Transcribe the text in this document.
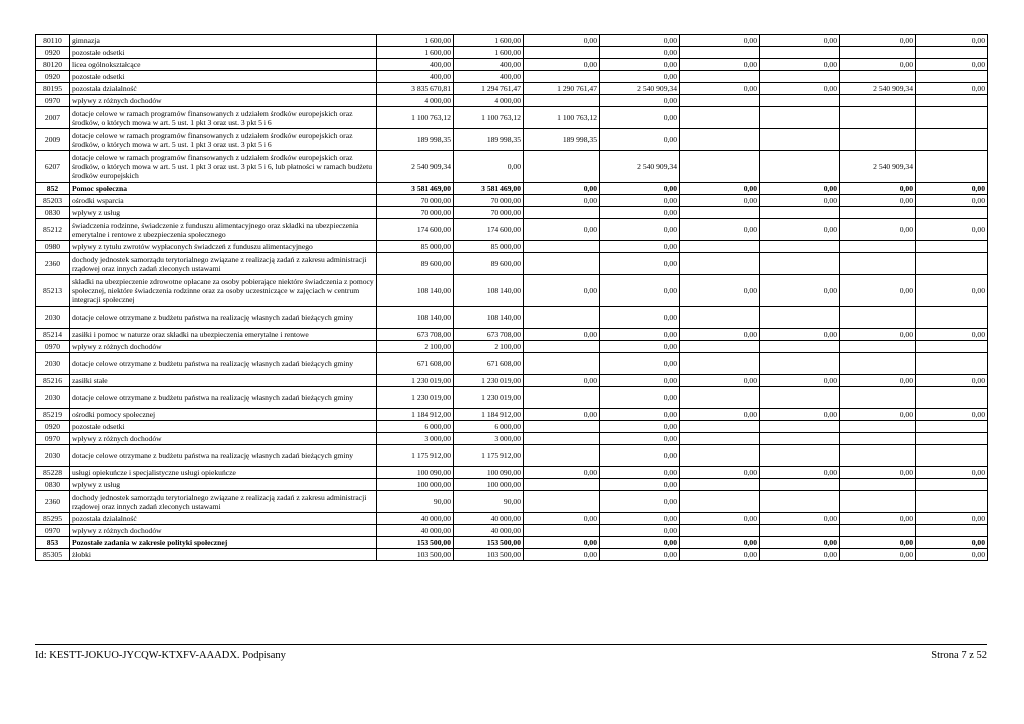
80110	gimnazja	1 600,00	1 600,00	0,00	0,00	0,00	0,00	0,00	0,00
0920	pozostałe odsetki	1 600,00	1 600,00		0,00				
80120	licea ogólnokształcące	400,00	400,00	0,00	0,00	0,00	0,00	0,00	0,00
0920	pozostałe odsetki	400,00	400,00		0,00				
80195	pozostała działalność	3 835 670,81	1 294 761,47	1 290 761,47	2 540 909,34	0,00	0,00	2 540 909,34	0,00
0970	wpływy z różnych dochodów	4 000,00	4 000,00		0,00				
2007	dotacje celowe w ramach programów finansowanych z udziałem środków europejskich oraz środków, o których mowa w art. 5 ust. 1 pkt 3 oraz ust. 3 pkt 5 i 6	1 100 763,12	1 100 763,12	1 100 763,12	0,00				
2009	dotacje celowe w ramach programów finansowanych z udziałem środków europejskich oraz środków, o których mowa w art. 5 ust. 1 pkt 3 oraz ust. 3 pkt 5 i 6	189 998,35	189 998,35	189 998,35	0,00				
6207	dotacje celowe w ramach programów finansowanych z udziałem środków europejskich oraz środków, o których mowa w art. 5 ust. 1 pkt 3 oraz ust. 3 pkt 5 i 6, lub płatności w ramach budżetu środków europejskich	2 540 909,34	0,00		2 540 909,34			2 540 909,34	
852	Pomoc społeczna	3 581 469,00	3 581 469,00	0,00	0,00	0,00	0,00	0,00	0,00
85203	ośrodki wsparcia	70 000,00	70 000,00	0,00	0,00	0,00	0,00	0,00	0,00
0830	wpływy z usług	70 000,00	70 000,00		0,00				
85212	świadczenia rodzinne, świadczenie z funduszu alimentacyjnego oraz składki na ubezpieczenia emerytalne i rentowe z ubezpieczenia społecznego	174 600,00	174 600,00	0,00	0,00	0,00	0,00	0,00	0,00
0980	wpływy z tytułu zwrotów wypłaconych świadczeń z funduszu alimentacyjnego	85 000,00	85 000,00		0,00				
2360	dochody jednostek samorządu terytorialnego związane z realizacją zadań z zakresu administracji rządowej oraz innych zadań zleconych ustawami	89 600,00	89 600,00		0,00				
85213	składki na ubezpieczenie zdrowotne opłacane za osoby pobierające niektóre świadczenia z pomocy społecznej, niektóre świadczenia rodzinne oraz za osoby uczestniczące w zajęciach w centrum integracji społecznej	108 140,00	108 140,00	0,00	0,00	0,00	0,00	0,00	0,00
2030	dotacje celowe otrzymane z budżetu państwa na realizację własnych zadań bieżących gminy	108 140,00	108 140,00		0,00				
85214	zasiłki i pomoc w naturze oraz składki na ubezpieczenia emerytalne i rentowe	673 708,00	673 708,00	0,00	0,00	0,00	0,00	0,00	0,00
0970	wpływy z różnych dochodów	2 100,00	2 100,00		0,00				
2030	dotacje celowe otrzymane z budżetu państwa na realizację własnych zadań bieżących gminy	671 608,00	671 608,00		0,00				
85216	zasiłki stałe	1 230 019,00	1 230 019,00	0,00	0,00	0,00	0,00	0,00	0,00
2030	dotacje celowe otrzymane z budżetu państwa na realizację własnych zadań bieżących gminy	1 230 019,00	1 230 019,00		0,00				
85219	ośrodki pomocy społecznej	1 184 912,00	1 184 912,00	0,00	0,00	0,00	0,00	0,00	0,00
0920	pozostałe odsetki	6 000,00	6 000,00		0,00				
0970	wpływy z różnych dochodów	3 000,00	3 000,00		0,00				
2030	dotacje celowe otrzymane z budżetu państwa na realizację własnych zadań bieżących gminy	1 175 912,00	1 175 912,00		0,00				
85228	usługi opiekuńcze i specjalistyczne usługi opiekuńcze	100 090,00	100 090,00	0,00	0,00	0,00	0,00	0,00	0,00
0830	wpływy z usług	100 000,00	100 000,00		0,00				
2360	dochody jednostek samorządu terytorialnego związane z realizacją zadań z zakresu administracji rządowej oraz innych zadań zleconych ustawami	90,00	90,00		0,00				
85295	pozostała działalność	40 000,00	40 000,00	0,00	0,00	0,00	0,00	0,00	0,00
0970	wpływy z różnych dochodów	40 000,00	40 000,00		0,00				
853	Pozostałe zadania w zakresie polityki społecznej	153 500,00	153 500,00	0,00	0,00	0,00	0,00	0,00	0,00
85305	żłobki	103 500,00	103 500,00	0,00	0,00	0,00	0,00	0,00	0,00
Id: KESTT-JOKUO-JYCQW-KTXFV-AAADX. Podpisany	Strona 7 z 52
